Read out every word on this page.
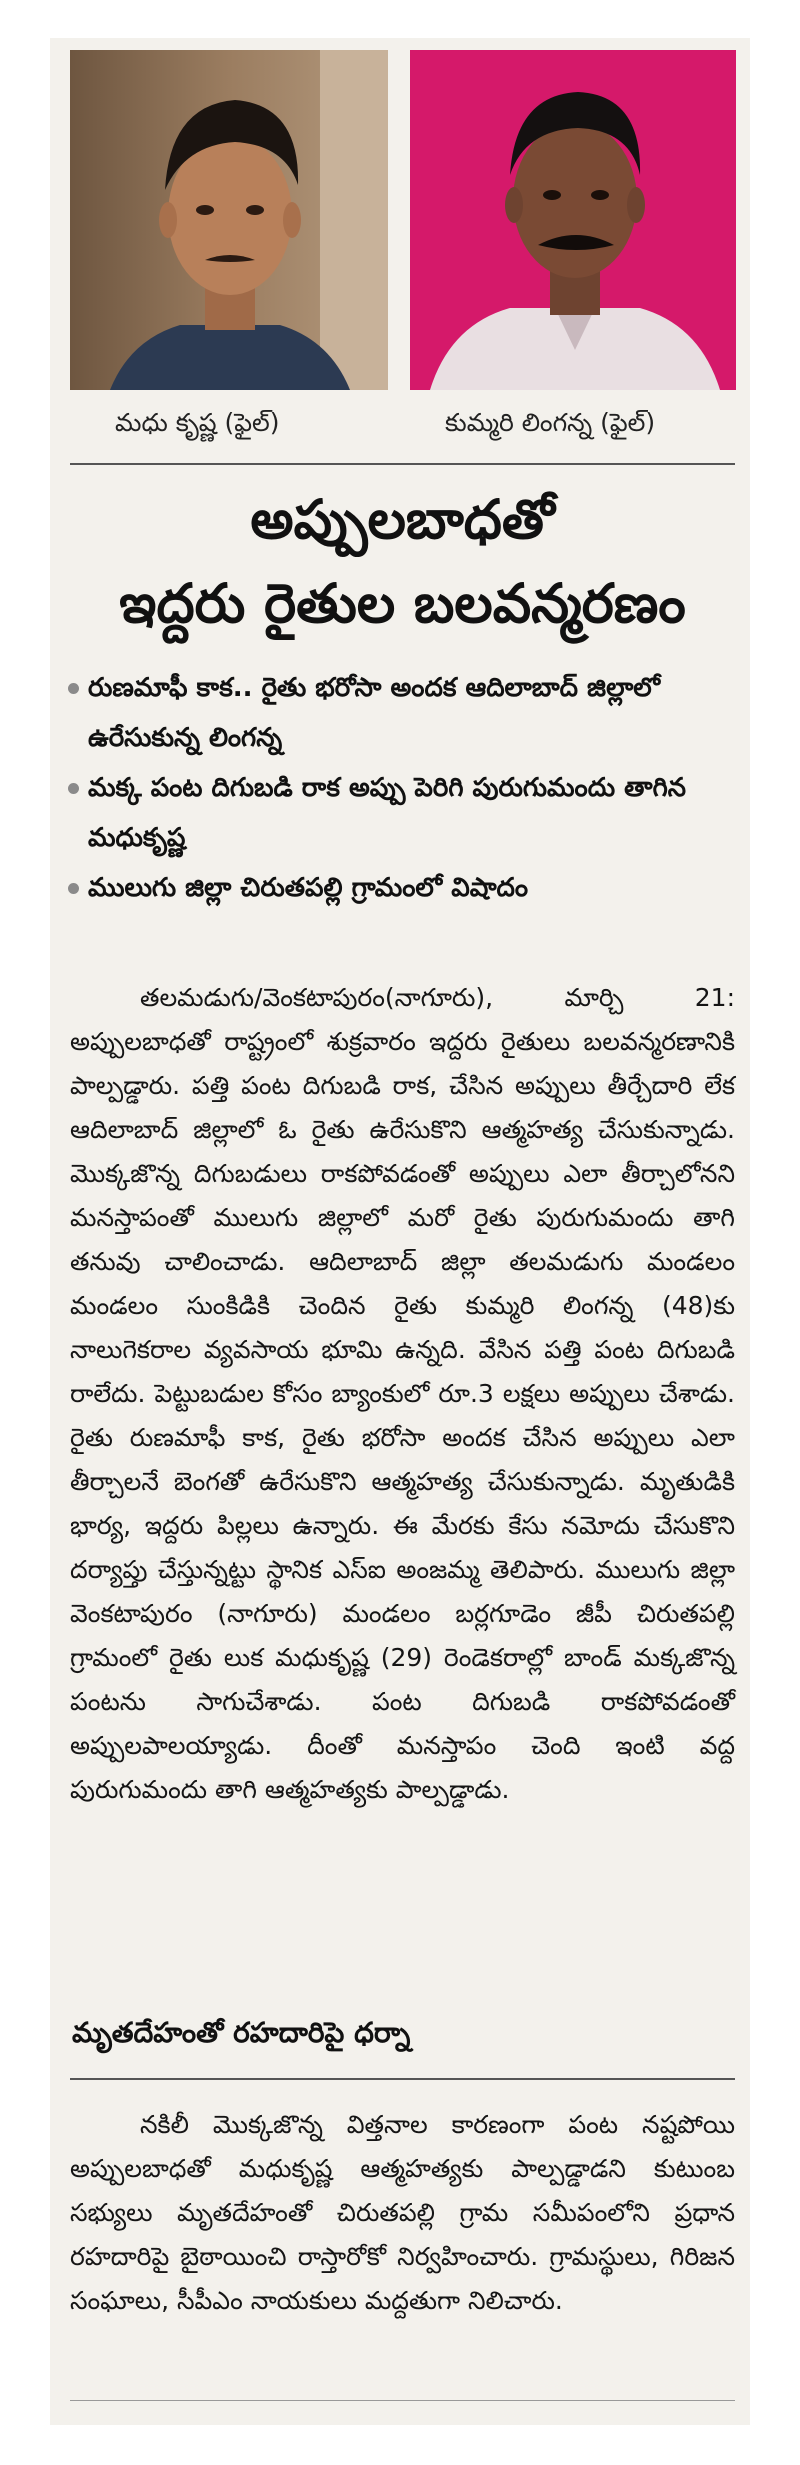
మధు కృష్ణ (ఫైల్)	కుమ్మరి లింగన్న (ఫైల్)
అప్పులబాధతో
ఇద్దరు రైతుల బలవన్మరణం
రుణమాఫీ కాక.. రైతు భరోసా అందక ఆదిలాబాద్ జిల్లాలో ఉరేసుకున్న లింగన్న
మక్క పంట దిగుబడి రాక అప్పు పెరిగి పురుగుమందు తాగిన మధుకృష్ణ
ములుగు జిల్లా చిరుతపల్లి గ్రామంలో విషాదం

తలమడుగు/వెంకటాపురం(నాగూరు), మార్చి 21: అప్పులబాధతో రాష్ట్రంలో శుక్రవారం ఇద్దరు రైతులు బలవన్మరణానికి పాల్పడ్డారు. పత్తి పంట దిగుబడి రాక, చేసిన అప్పులు తీర్చేదారి లేక ఆదిలాబాద్ జిల్లాలో ఓ రైతు ఉరేసుకొని ఆత్మహత్య చేసుకున్నాడు. మొక్కజొన్న దిగుబడులు రాకపోవడంతో అప్పులు ఎలా తీర్చాలోనని మనస్తాపంతో ములుగు జిల్లాలో మరో రైతు పురుగుమందు తాగి తనువు చాలించాడు. ఆదిలాబాద్ జిల్లా తలమడుగు మండలం మండలం సుంకిడికి చెందిన రైతు కుమ్మరి లింగన్న (48)కు నాలుగెకరాల వ్యవసాయ భూమి ఉన్నది. వేసిన పత్తి పంట దిగుబడి రాలేదు. పెట్టుబడుల కోసం బ్యాంకులో రూ.3 లక్షలు అప్పులు చేశాడు. రైతు రుణమాఫీ కాక, రైతు భరోసా అందక చేసిన అప్పులు ఎలా తీర్చాలనే బెంగతో ఉరేసుకొని ఆత్మహత్య చేసుకున్నాడు. మృతుడికి భార్య, ఇద్దరు పిల్లలు ఉన్నారు. ఈ మేరకు కేసు నమోదు చేసుకొని దర్యాప్తు చేస్తున్నట్టు స్థానిక ఎస్ఐ అంజమ్మ తెలిపారు. ములుగు జిల్లా వెంకటాపురం (నాగూరు) మండలం బర్లగూడెం జీపీ చిరుతపల్లి గ్రామంలో రైతు లుక మధుకృష్ణ (29) రెండెకరాల్లో బాండ్ మక్కజొన్న పంటను సాగుచేశాడు. పంట దిగుబడి రాకపోవడంతో అప్పులపాలయ్యాడు. దీంతో మనస్తాపం చెంది ఇంటి వద్ద పురుగుమందు తాగి ఆత్మహత్యకు పాల్పడ్డాడు.

మృతదేహంతో రహదారిపై ధర్నా

నకిలీ మొక్కజొన్న విత్తనాల కారణంగా పంట నష్టపోయి అప్పులబాధతో మధుకృష్ణ ఆత్మహత్యకు పాల్పడ్డాడని కుటుంబ సభ్యులు మృతదేహంతో చిరుతపల్లి గ్రామ సమీపంలోని ప్రధాన రహదారిపై బైఠాయించి రాస్తారోకో నిర్వహించారు. గ్రామస్థులు, గిరిజన సంఘాలు, సీపీఎం నాయకులు మద్దతుగా నిలిచారు.
